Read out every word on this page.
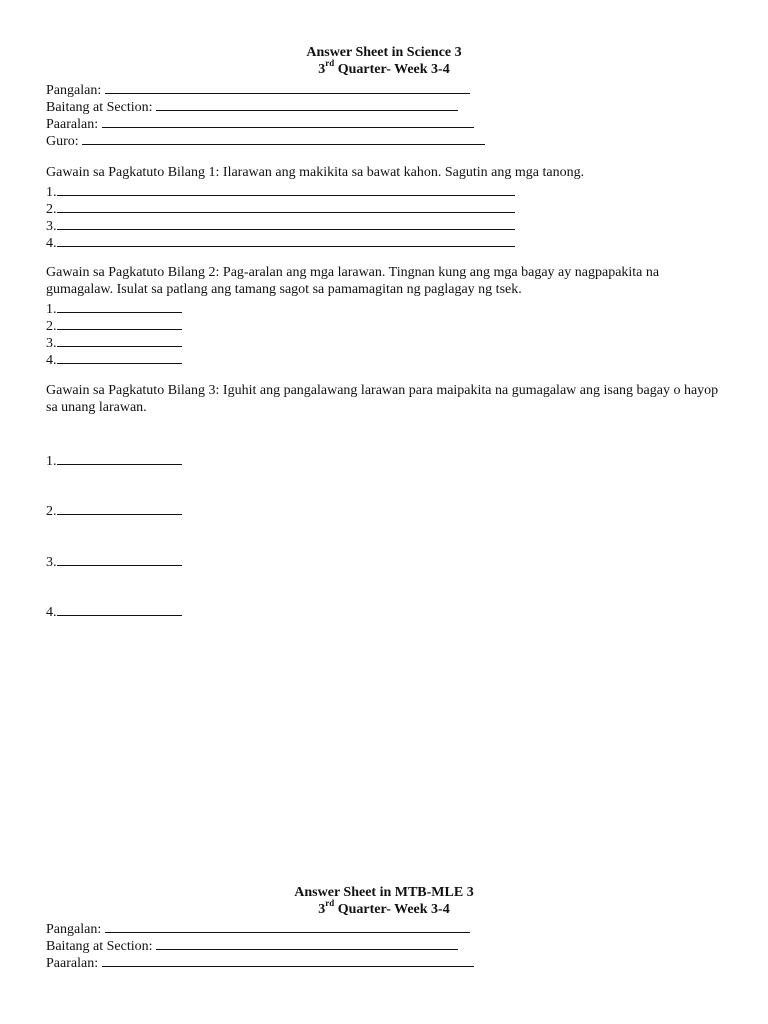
Answer Sheet in Science 3
3rd Quarter- Week 3-4
Pangalan:
Baitang at Section:
Paaralan:
Guro:
Gawain sa Pagkatuto Bilang 1: Ilarawan ang makikita sa bawat kahon. Sagutin ang mga tanong.
1.
2.
3.
4.
Gawain sa Pagkatuto Bilang 2: Pag-aralan ang mga larawan. Tingnan kung ang mga bagay ay nagpapakita na gumagalaw. Isulat sa patlang ang tamang sagot sa pamamagitan ng paglagay ng tsek.
1.
2.
3.
4.
Gawain sa Pagkatuto Bilang 3: Iguhit ang pangalawang larawan para maipakita na gumagalaw ang isang bagay o hayop sa unang larawan.
1.
2.
3.
4.
Answer Sheet in MTB-MLE 3
3rd Quarter- Week 3-4
Pangalan:
Baitang at Section:
Paaralan:
